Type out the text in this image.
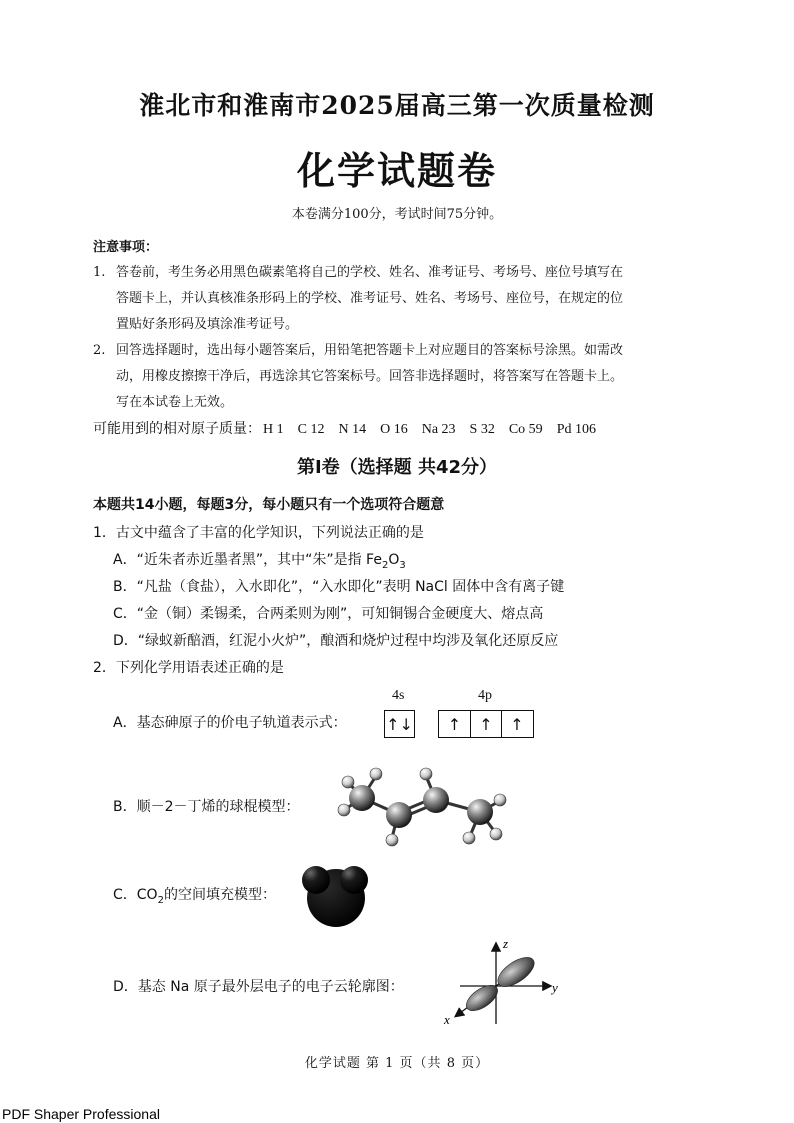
淮北市和淮南市2025届高三第一次质量检测
化学试题卷
本卷满分100分，考试时间75分钟。
注意事项：
1. 答卷前，考生务必用黑色碳素笔将自己的学校、姓名、准考证号、考场号、座位号填写在
答题卡上，并认真核准条形码上的学校、准考证号、姓名、考场号、座位号，在规定的位
置贴好条形码及填涂准考证号。
2. 回答选择题时，选出每小题答案后，用铅笔把答题卡上对应题目的答案标号涂黑。如需改
动，用橡皮擦擦干净后，再选涂其它答案标号。回答非选择题时，将答案写在答题卡上。
写在本试卷上无效。
可能用到的相对原子质量： H 1 C 12 N 14 O 16 Na 23 S 32 Co 59 Pd 106
第Ⅰ卷（选择题 共42分）
本题共14小题，每题3分，每小题只有一个选项符合题意
1．古文中蕴含了丰富的化学知识，下列说法正确的是
A．“近朱者赤近墨者黑”，其中“朱”是指 $Fe_2O_3$
B．“凡盐（食盐），入水即化”，“入水即化”表明 NaCl 固体中含有离子键
C．“金（铜）柔锡柔，合两柔则为刚”，可知铜锡合金硬度大、熔点高
D．“绿蚁新醅酒，红泥小火炉”，酿酒和烧炉过程中均涉及氧化还原反应
2．下列化学用语表述正确的是
A．基态砷原子的价电子轨道表示式：
4s	4p
↑↓	↑	↑	↑
B．顺－2－丁烯的球棍模型：
C．$CO_2$的空间填充模型：
D．基态 Na 原子最外层电子的电子云轮廓图：
z
y
x
化学试题 第 1 页（共 8 页）
PDF Shaper Professional
